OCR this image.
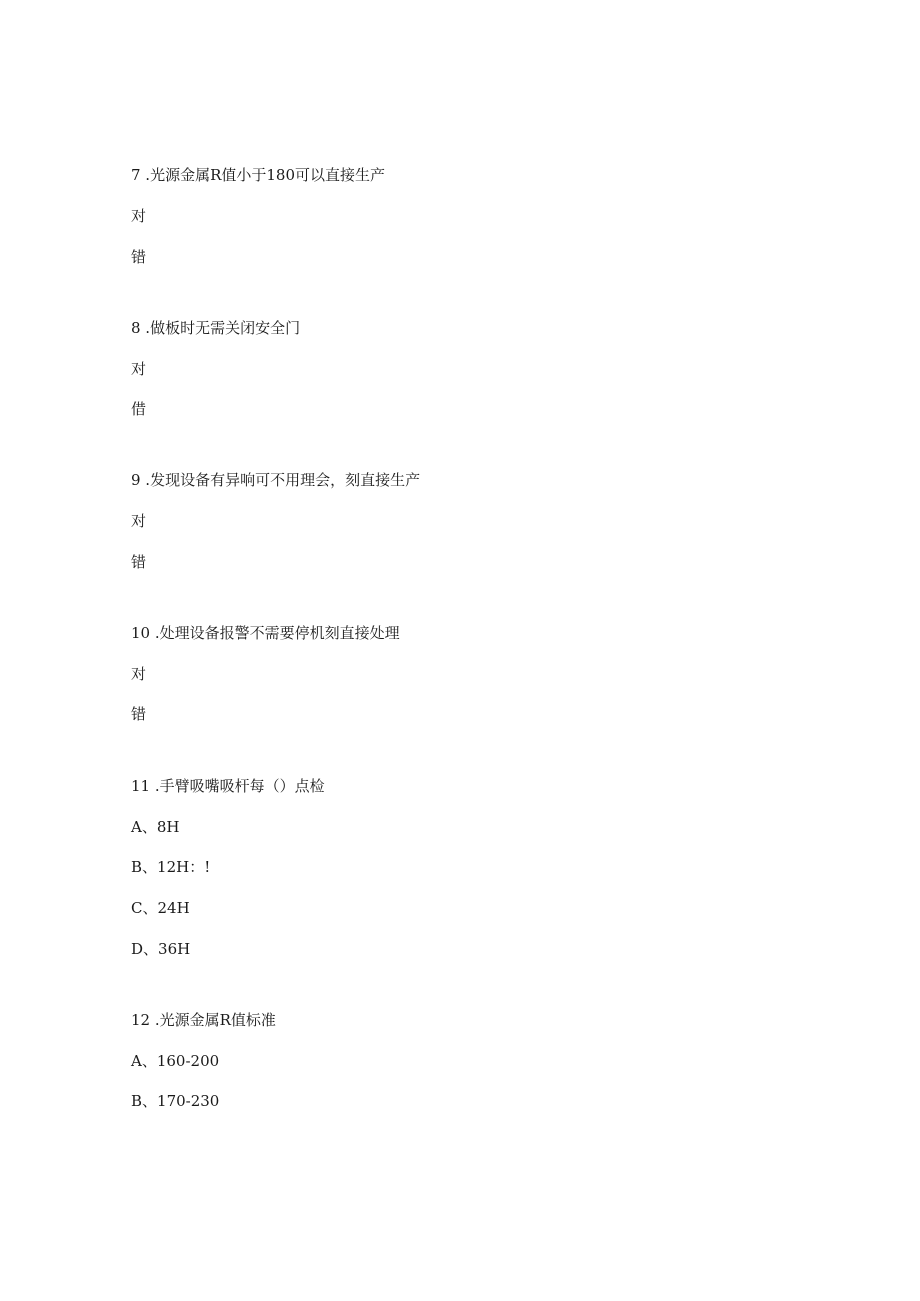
7 .光源金属R值小于180可以直接生产
对
错
8 .做板时无需关闭安全门
对
借
9 .发现设备有异响可不用理会，刻直接生产
对
错
10 .处理设备报警不需要停机刻直接处理
对
错
11 .手臂吸嘴吸杆每（）点检
A、8H
B、12H：!
C、24H
D、36H
12 .光源金属R值标准
A、160-200
B、170-230
